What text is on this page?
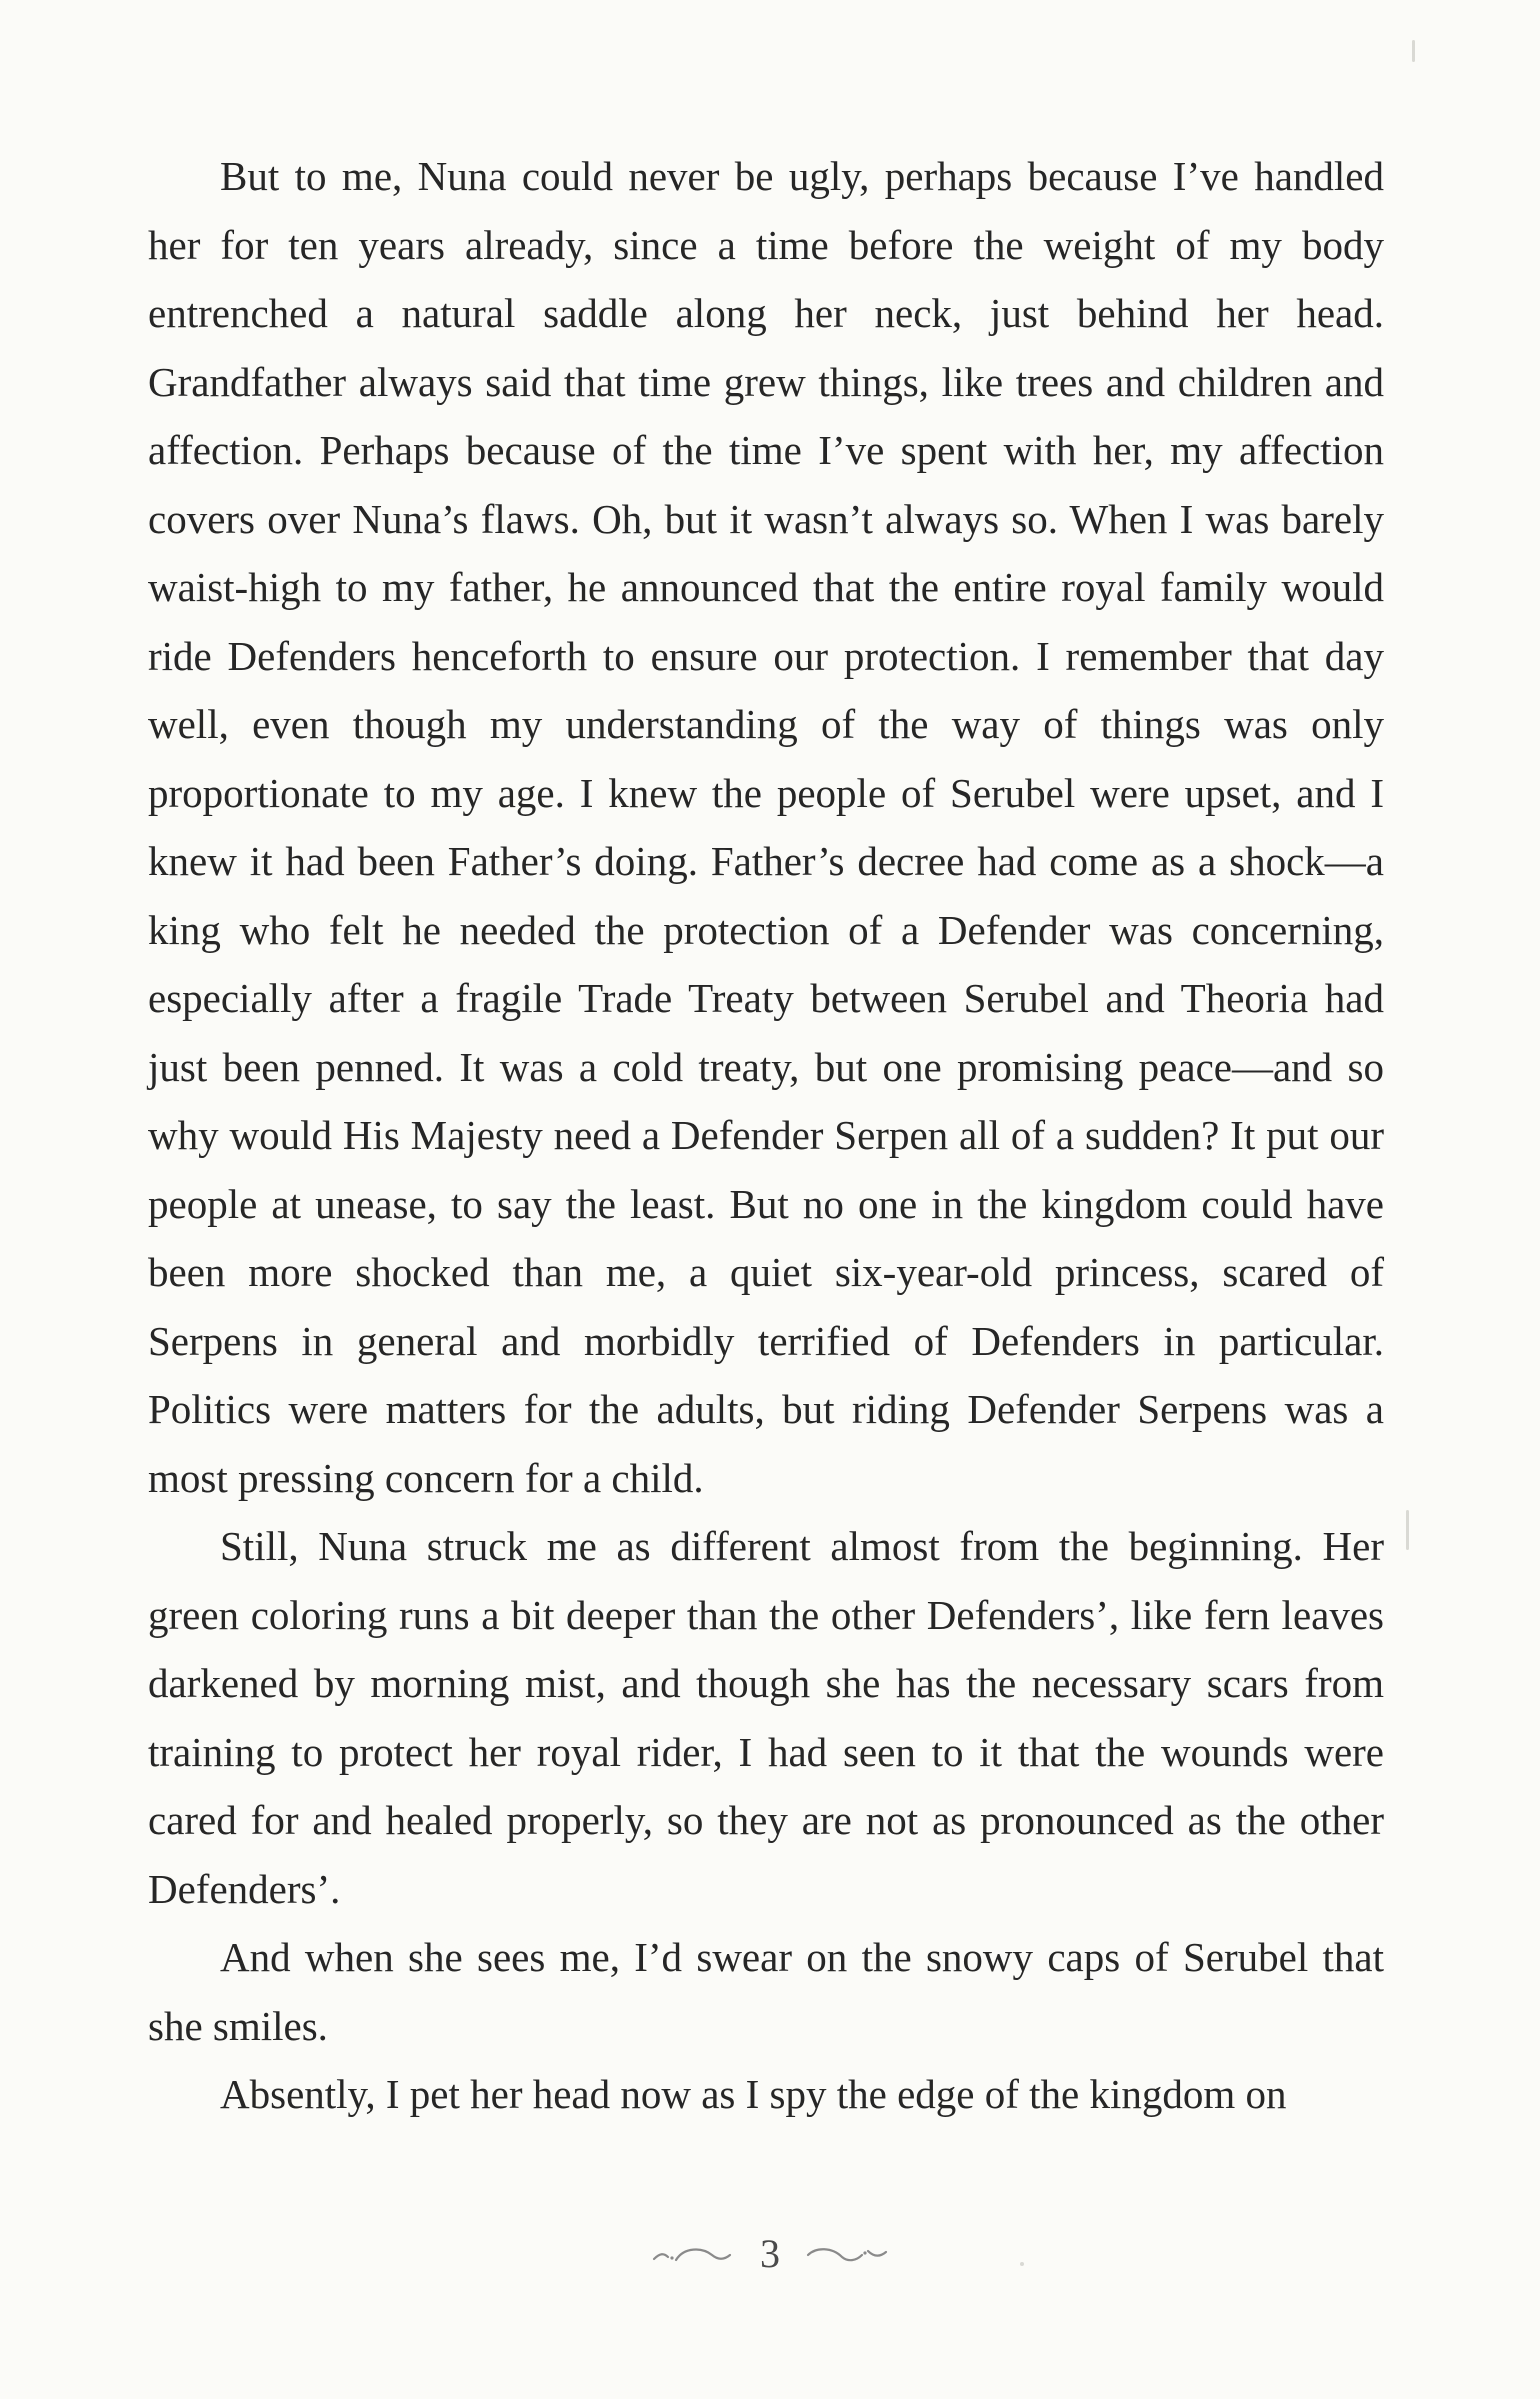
But to me, Nuna could never be ugly, perhaps because I’ve handled her for ten years already, since a time before the weight of my body entrenched a natural saddle along her neck, just behind her head. Grandfather always said that time grew things, like trees and children and affection. Perhaps because of the time I’ve spent with her, my affection covers over Nuna’s flaws. Oh, but it wasn’t always so. When I was barely waist-high to my father, he announced that the entire royal family would ride Defenders henceforth to ensure our protection. I remember that day well, even though my understanding of the way of things was only proportionate to my age. I knew the people of Serubel were upset, and I knew it had been Father’s doing. Father’s decree had come as a shock—a king who felt he needed the protection of a Defender was concerning, especially after a fragile Trade Treaty between Serubel and Theoria had just been penned. It was a cold treaty, but one promising peace—and so why would His Majesty need a Defender Serpen all of a sudden? It put our people at unease, to say the least. But no one in the kingdom could have been more shocked than me, a quiet six-year-old princess, scared of Serpens in general and morbidly terrified of Defenders in particular. Politics were matters for the adults, but riding Defender Serpens was a most pressing concern for a child.

Still, Nuna struck me as different almost from the beginning. Her green coloring runs a bit deeper than the other Defenders’, like fern leaves darkened by morning mist, and though she has the necessary scars from training to protect her royal rider, I had seen to it that the wounds were cared for and healed properly, so they are not as pronounced as the other Defenders’.

And when she sees me, I’d swear on the snowy caps of Serubel that she smiles.

Absently, I pet her head now as I spy the edge of the kingdom on

3
